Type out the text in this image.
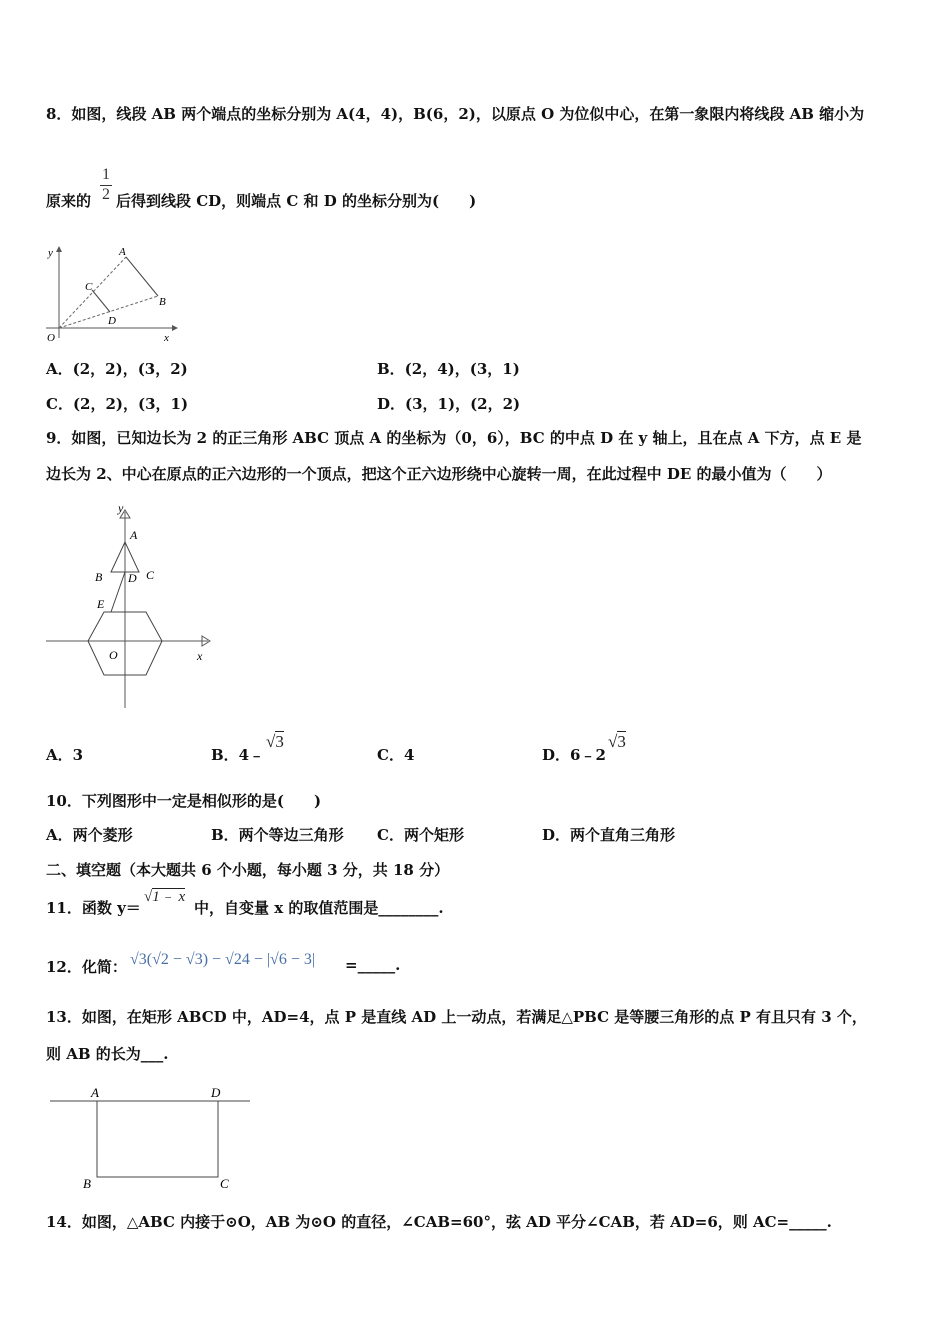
8．如图，线段 AB 两个端点的坐标分别为 A(4，4)，B(6，2)，以原点 O 为位似中心，在第一象限内将线段 AB 缩小为
$\frac{1}{2}$
原来的 后得到线段 CD，则端点 C 和 D 的坐标分别为(　　)
y
x
O
A
B
C
D
A．(2，2)，(3，2)	B．(2，4)，(3，1)
C．(2，2)，(3，1)	D．(3，1)，(2，2)
9．如图，已知边长为 2 的正三角形 ABC 顶点 A 的坐标为（0，6），BC 的中点 D 在 y 轴上，且在点 A 下方，点 E 是
边长为 2、中心在原点的正六边形的一个顶点，把这个正六边形绕中心旋转一周，在此过程中 DE 的最小值为（　　）
y
x
O
A
B D C
E
A．3	B．4﹣
√3
C．4	D．6﹣2
√3
10．下列图形中一定是相似形的是(　　)
A．两个菱形	B．两个等边三角形 C．两个矩形	D．两个直角三角形
二、填空题（本大题共 6 个小题，每小题 3 分，共 18 分）
11．函数 y＝
√1﹣ x
中，自变量 x 的取值范围是________.
12．化简： √3(√2 − √3) − √24 − |√6 − 3| =_____.
13．如图，在矩形 ABCD 中，AD=4，点 P 是直线 AD 上一动点，若满足△PBC 是等腰三角形的点 P 有且只有 3 个，
则 AB 的长为___.
A	D
B	C
14．如图，△ABC 内接于⊙O，AB 为⊙O 的直径，∠CAB=60°，弦 AD 平分∠CAB，若 AD=6，则 AC=_____.
